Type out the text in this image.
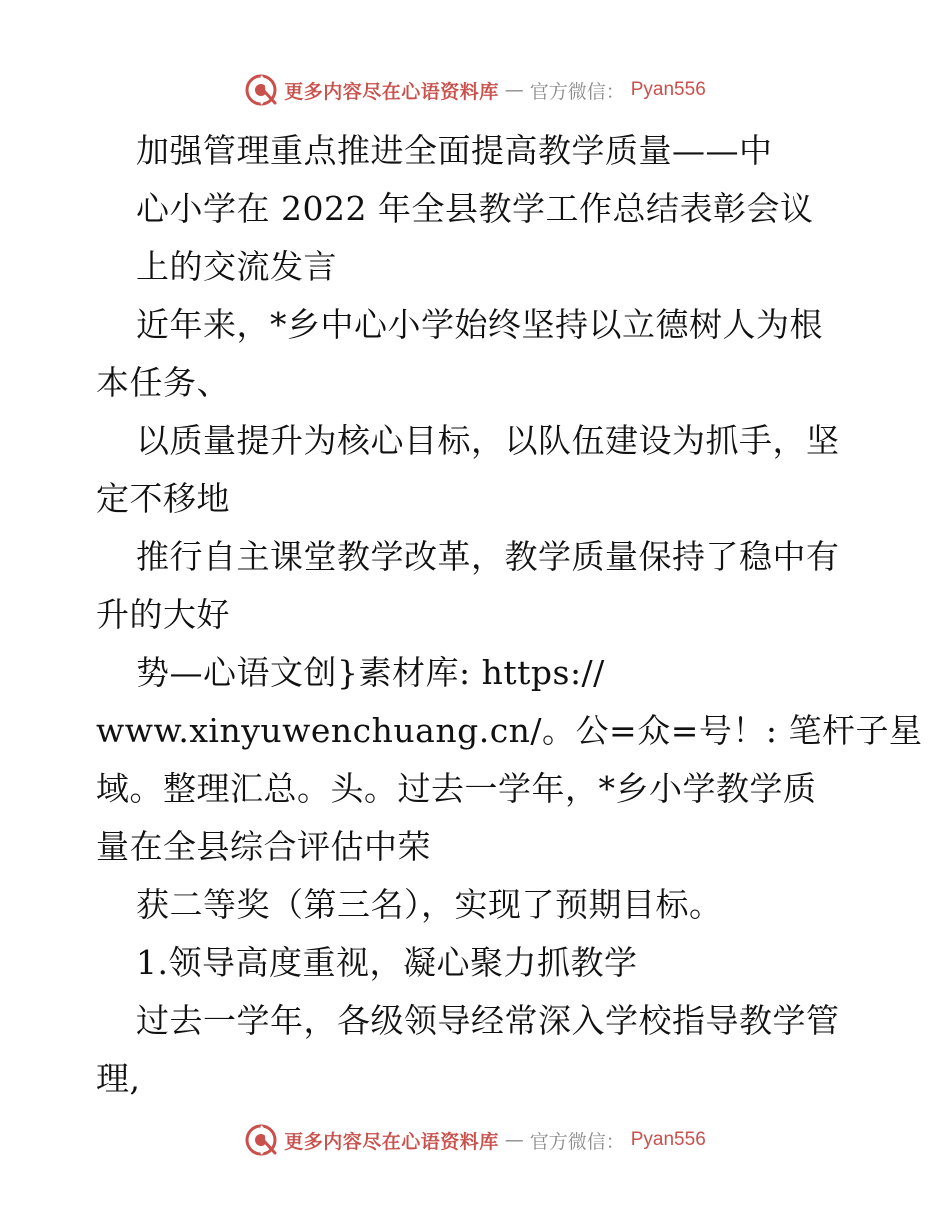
更多内容尽在心语资料库 — 官方微信： Pyan556
加强管理重点推进全面提高教学质量——中
心小学在 2022 年全县教学工作总结表彰会议
上的交流发言
近年来，*乡中心小学始终坚持以立德树人为根
本任务、
以质量提升为核心目标，以队伍建设为抓手，坚
定不移地
推行自主课堂教学改革，教学质量保持了稳中有
升的大好
势—心语文创}素材库: https://
www.xinyuwenchuang.cn/。公=众=号！: 笔杆子星
域。整理汇总。头。过去一学年，*乡小学教学质
量在全县综合评估中荣
获二等奖（第三名），实现了预期目标。
1.领导高度重视，凝心聚力抓教学
过去一学年，各级领导经常深入学校指导教学管
理,
更多内容尽在心语资料库 — 官方微信： Pyan556
